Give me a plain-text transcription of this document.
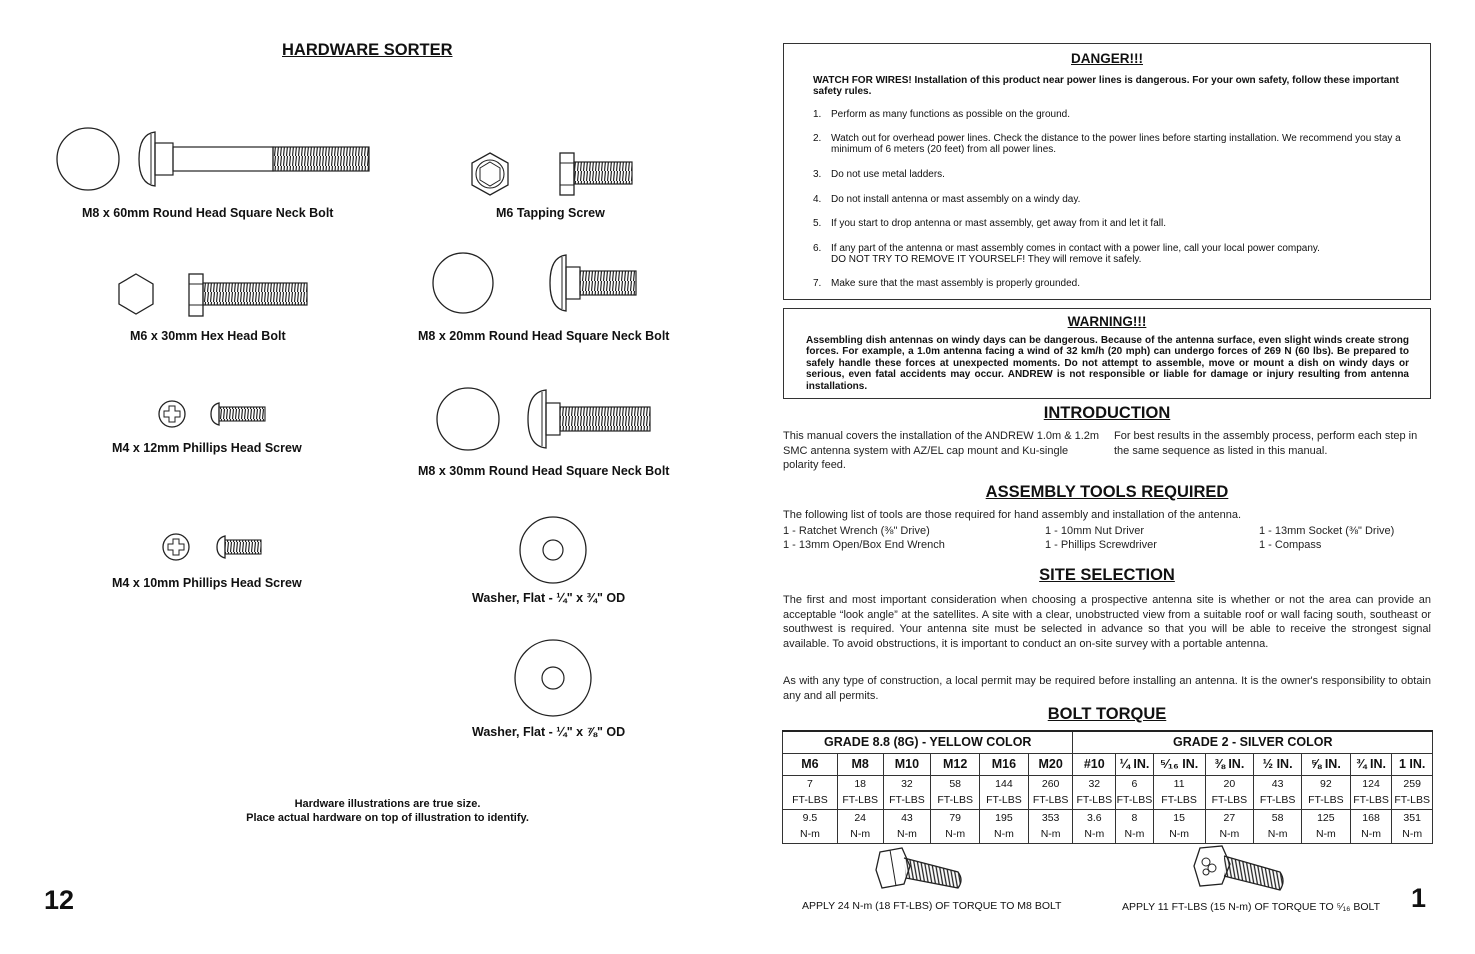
HARDWARE SORTER
M8 x 60mm Round Head Square Neck Bolt	M6 Tapping Screw
M6 x 30mm Hex Head Bolt	M8 x 20mm Round Head Square Neck Bolt
M4 x 12mm Phillips Head Screw
M8 x 30mm Round Head Square Neck Bolt
M4 x 10mm Phillips Head Screw
Washer, Flat - ¼" x ¾" OD
Washer, Flat - ¼" x ⅞" OD
Hardware illustrations are true size.
Place actual hardware on top of illustration to identify.
12
DANGER!!!
WATCH FOR WIRES! Installation of this product near power lines is dangerous. For your own safety, follow these important safety rules.
1. Perform as many functions as possible on the ground.
2. Watch out for overhead power lines. Check the distance to the power lines before starting installation. We recommend you stay a minimum of 6 meters (20 feet) from all power lines.
3. Do not use metal ladders.
4. Do not install antenna or mast assembly on a windy day.
5. If you start to drop antenna or mast assembly, get away from it and let it fall.
6. If any part of the antenna or mast assembly comes in contact with a power line, call your local power company.
DO NOT TRY TO REMOVE IT YOURSELF! They will remove it safely.
7. Make sure that the mast assembly is properly grounded.
WARNING!!!
Assembling dish antennas on windy days can be dangerous. Because of the antenna surface, even slight winds create strong forces. For example, a 1.0m antenna facing a wind of 32 km/h (20 mph) can undergo forces of 269 N (60 lbs). Be prepared to safely handle these forces at unexpected moments. Do not attempt to assemble, move or mount a dish on windy days or serious, even fatal accidents may occur. ANDREW is not responsible or liable for damage or injury resulting from antenna installations.
INTRODUCTION
This manual covers the installation of the ANDREW 1.0m & 1.2m SMC antenna system with AZ/EL cap mount and Ku-single polarity feed.
For best results in the assembly process, perform each step in the same sequence as listed in this manual.
ASSEMBLY TOOLS REQUIRED
The following list of tools are those required for hand assembly and installation of the antenna.
1 - Ratchet Wrench (⅜" Drive)
1 - 13mm Open/Box End Wrench
1 - 10mm Nut Driver
1 - Phillips Screwdriver
1 - 13mm Socket (⅜" Drive)
1 - Compass
SITE SELECTION
The first and most important consideration when choosing a prospective antenna site is whether or not the area can provide an acceptable “look angle” at the satellites. A site with a clear, unobstructed view from a suitable roof or wall facing south, southeast or southwest is required. Your antenna site must be selected in advance so that you will be able to receive the strongest signal available. To avoid obstructions, it is important to conduct an on-site survey with a portable antenna.
As with any type of construction, a local permit may be required before installing an antenna. It is the owner's responsibility to obtain any and all permits.
BOLT TORQUE
GRADE 8.8 (8G) - YELLOW COLOR						GRADE 2 - SILVER COLOR							
M6	M8	M10	M12	M16	M20	#10	¼ IN.	⁵⁄₁₆ IN.	⅜ IN.	½ IN.	⅝ IN.	¾ IN.	1 IN.
7	18	32	58	144	260	32	6	11	20	43	92	124	259
FT-LBS	FT-LBS	FT-LBS	FT-LBS	FT-LBS	FT-LBS	FT-LBS	FT-LBS	FT-LBS	FT-LBS	FT-LBS	FT-LBS	FT-LBS	FT-LBS
9.5	24	43	79	195	353	3.6	8	15	27	58	125	168	351
N-m	N-m	N-m	N-m	N-m	N-m	N-m	N-m	N-m	N-m	N-m	N-m	N-m	N-m
APPLY 24 N-m (18 FT-LBS) OF TORQUE TO M8 BOLT	APPLY 11 FT-LBS (15 N-m) OF TORQUE TO ⁵⁄₁₆ BOLT 1
